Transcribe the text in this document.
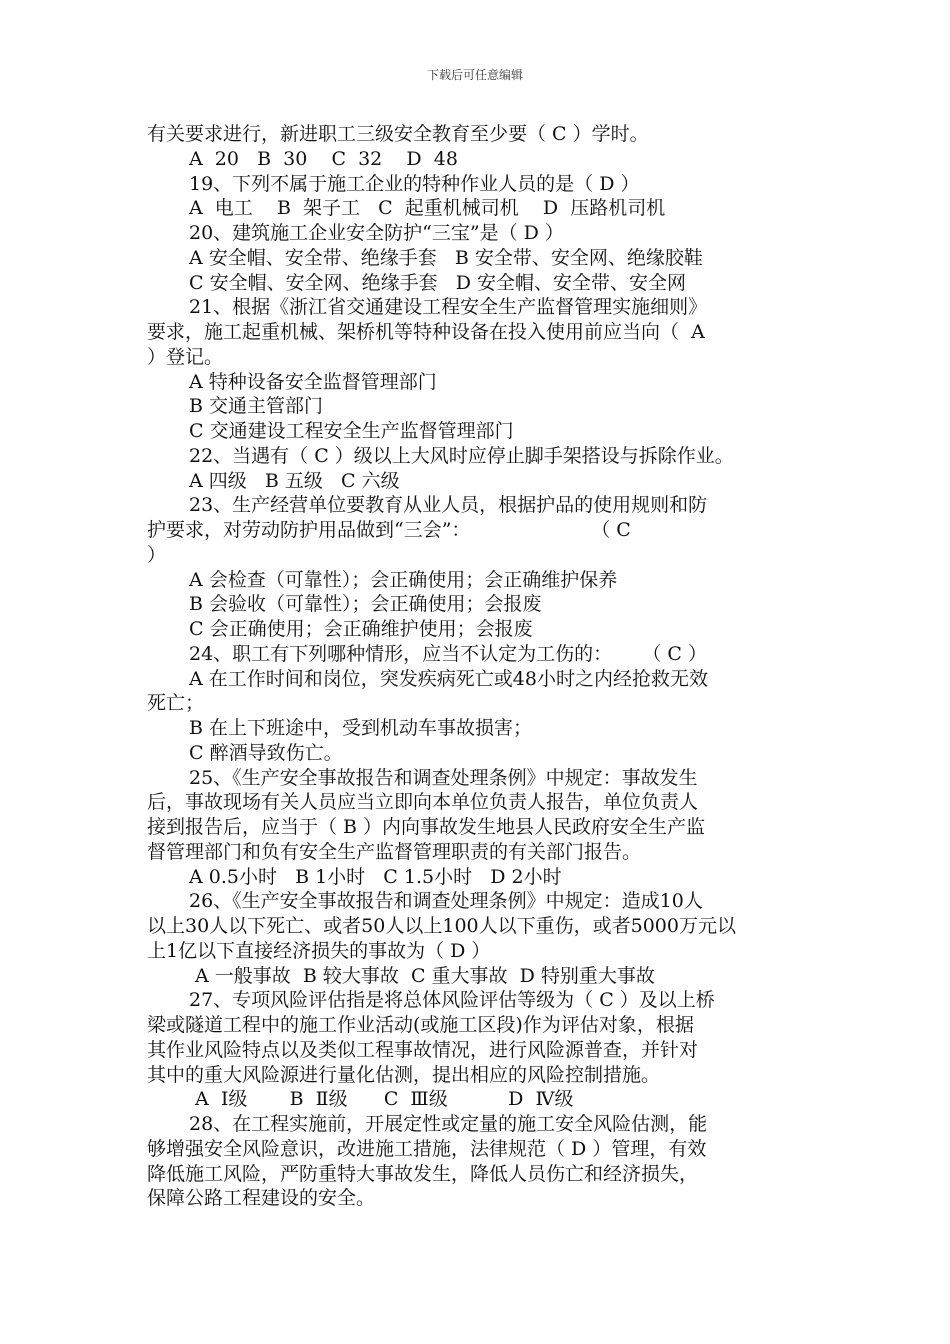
下载后可任意编辑
有关要求进行，新进职工三级安全教育至少要（ C ）学时。
A  20   B  30    C  32    D  48
19、下列不属于施工企业的特种作业人员的是（ D ）
A  电工    B  架子工   C  起重机械司机    D  压路机司机
20、建筑施工企业安全防护“三宝”是（ D ）
A 安全帽、安全带、绝缘手套   B 安全带、安全网、绝缘胶鞋
C 安全帽、安全网、绝缘手套   D 安全帽、安全带、安全网
21、根据《浙江省交通建设工程安全生产监督管理实施细则》
要求，施工起重机械、架桥机等特种设备在投入使用前应当向（  A
）登记。
A 特种设备安全监督管理部门
B 交通主管部门
C 交通建设工程安全生产监督管理部门
22、当遇有（ C ）级以上大风时应停止脚手架搭设与拆除作业。
A 四级   B 五级   C 六级
23、生产经营单位要教育从业人员，根据护品的使用规则和防
护要求，对劳动防护用品做到“三会”：                    （ C
）
A 会检查（可靠性）；会正确使用；会正确维护保养
B 会验收（可靠性）；会正确使用；会报废
C 会正确使用；会正确维护使用；会报废
24、职工有下列哪种情形，应当不认定为工伤的：     （ C ）
A 在工作时间和岗位，突发疾病死亡或48小时之内经抢救无效
死亡；
B 在上下班途中，受到机动车事故损害；
C 醉酒导致伤亡。
25、《生产安全事故报告和调查处理条例》中规定：事故发生
后，事故现场有关人员应当立即向本单位负责人报告，单位负责人
接到报告后，应当于（ B ）内向事故发生地县人民政府安全生产监
督管理部门和负有安全生产监督管理职责的有关部门报告。
A 0.5小时   B 1小时   C 1.5小时   D 2小时
26、《生产安全事故报告和调查处理条例》中规定：造成10人
以上30人以下死亡、或者50人以上100人以下重伤，或者5000万元以
上1亿以下直接经济损失的事故为（ D ）
A 一般事故  B 较大事故  C 重大事故  D 特别重大事故
27、专项风险评估指是将总体风险评估等级为（ C ）及以上桥
梁或隧道工程中的施工作业活动(或施工区段)作为评估对象，根据
其作业风险特点以及类似工程事故情况，进行风险源普查，并针对
其中的重大风险源进行量化估测，提出相应的风险控制措施。
A  Ⅰ级       B  Ⅱ级      C  Ⅲ级          D  Ⅳ级
28、在工程实施前，开展定性或定量的施工安全风险估测，能
够增强安全风险意识，改进施工措施，法律规范（ D ）管理，有效
降低施工风险，严防重特大事故发生，降低人员伤亡和经济损失，
保障公路工程建设的安全。
